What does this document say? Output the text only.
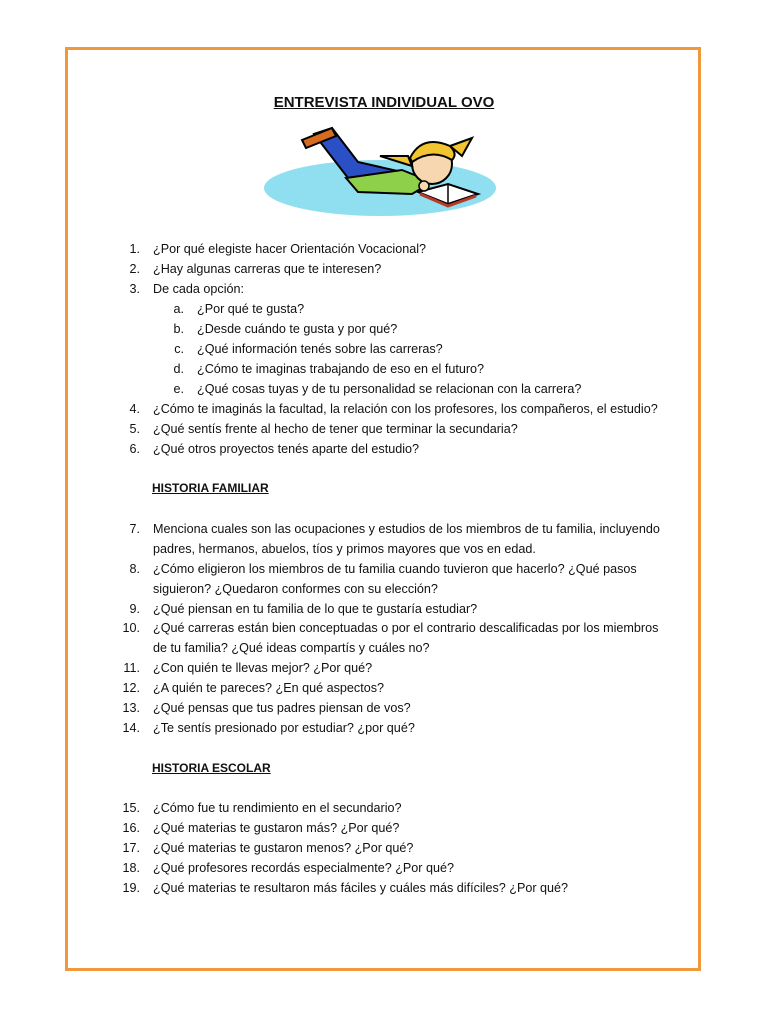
ENTREVISTA INDIVIDUAL OVO
1. ¿Por qué elegiste hacer Orientación Vocacional?
2. ¿Hay algunas carreras que te interesen?
3. De cada opción:
a. ¿Por qué te gusta?
b. ¿Desde cuándo te gusta y por qué?
c. ¿Qué información tenés sobre las carreras?
d. ¿Cómo te imaginas trabajando de eso en el futuro?
e. ¿Qué cosas tuyas y de tu personalidad se relacionan con la carrera?
4. ¿Cómo te imaginás la facultad, la relación con los profesores, los compañeros, el estudio?
5. ¿Qué sentís frente al hecho de tener que terminar la secundaria?
6. ¿Qué otros proyectos tenés aparte del estudio?
HISTORIA FAMILIAR
7. Menciona cuales son las ocupaciones y estudios de los miembros de tu familia, incluyendo
padres, hermanos, abuelos, tíos y primos mayores que vos en edad.
8. ¿Cómo eligieron los miembros de tu familia cuando tuvieron que hacerlo? ¿Qué pasos
siguieron? ¿Quedaron conformes con su elección?
9. ¿Qué piensan en tu familia de lo que te gustaría estudiar?
10. ¿Qué carreras están bien conceptuadas o por el contrario descalificadas por los miembros
de tu familia? ¿Qué ideas compartís y cuáles no?
11. ¿Con quién te llevas mejor? ¿Por qué?
12. ¿A quién te pareces? ¿En qué aspectos?
13. ¿Qué pensas que tus padres piensan de vos?
14. ¿Te sentís presionado por estudiar? ¿por qué?
HISTORIA ESCOLAR
15. ¿Cómo fue tu rendimiento en el secundario?
16. ¿Qué materias te gustaron más? ¿Por qué?
17. ¿Qué materias te gustaron menos? ¿Por qué?
18. ¿Qué profesores recordás especialmente? ¿Por qué?
19. ¿Qué materias te resultaron más fáciles y cuáles más difíciles? ¿Por qué?
